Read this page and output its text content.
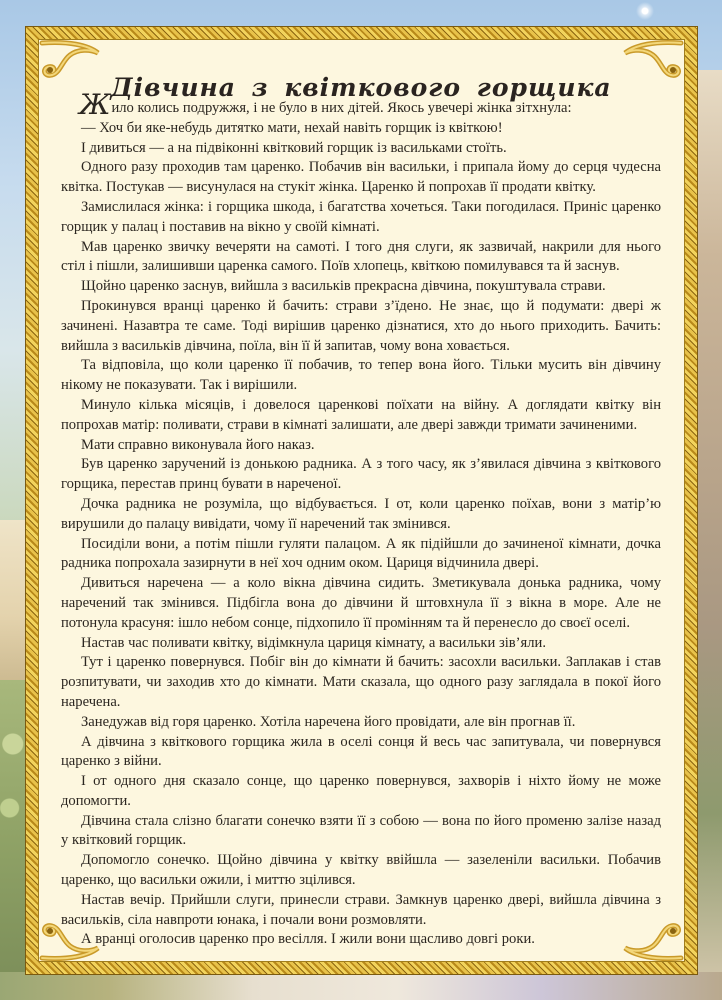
Дівчина з квіткового горщика

Жило колись подружжя, і не було в них дітей. Якось увечері жінка зітхнула:

— Хоч би яке-небудь дитятко мати, нехай навіть горщик із квіткою!

І дивиться — а на підвіконні квітковий горщик із васильками стоїть.

Одного разу проходив там царенко. Побачив він васильки, і припала йому до серця чудесна квітка. Постукав — висунулася на стукіт жінка. Царенко й попрохав її продати квітку.

Замислилася жінка: і горщика шкода, і багатства хочеться. Таки погодилася. Приніс царенко горщик у палац і поставив на вікно у своїй кімнаті.

Мав царенко звичку вечеряти на самоті. І того дня слуги, як зазвичай, накрили для нього стіл і пішли, залишивши царенка самого. Поїв хлопець, квіткою помилувався та й заснув.

Щойно царенко заснув, вийшла з васильків прекрасна дівчина, покуштувала страви.

Прокинувся вранці царенко й бачить: страви з’їдено. Не знає, що й подумати: двері ж зачинені. Назавтра те саме. Тоді вирішив царенко дізнатися, хто до нього приходить. Бачить: вийшла з васильків дівчина, поїла, він її й запитав, чому вона ховається.

Та відповіла, що коли царенко її побачив, то тепер вона його. Тільки мусить він дівчину нікому не показувати. Так і вирішили.

Минуло кілька місяців, і довелося царенкові поїхати на війну. А доглядати квітку він попрохав матір: поливати, страви в кімнаті залишати, але двері завжди тримати зачиненими.

Мати справно виконувала його наказ.

Був царенко заручений із донькою радника. А з того часу, як з’явилася дівчина з квіткового горщика, перестав принц бувати в нареченої.

Дочка радника не розуміла, що відбувається. І от, коли царенко поїхав, вони з матір’ю вирушили до палацу вивідати, чому її наречений так змінився.

Посиділи вони, а потім пішли гуляти палацом. А як підійшли до зачиненої кімнати, дочка радника попрохала зазирнути в неї хоч одним оком. Цариця відчинила двері.

Дивиться наречена — а коло вікна дівчина сидить. Зметикувала донька радника, чому наречений так змінився. Підбігла вона до дівчини й штовхнула її з вікна в море. Але не потонула красуня: ішло небом сонце, підхопило її промінням та й перенесло до своєї оселі.

Настав час поливати квітку, відімкнула цариця кімнату, а васильки зів’яли.

Тут і царенко повернувся. Побіг він до кімнати й бачить: засохли васильки. Заплакав і став розпитувати, чи заходив хто до кімнати. Мати сказала, що одного разу заглядала в покої його наречена.

Занедужав від горя царенко. Хотіла наречена його провідати, але він прогнав її.

А дівчина з квіткового горщика жила в оселі сонця й весь час запитувала, чи повернувся царенко з війни.

І от одного дня сказало сонце, що царенко повернувся, захворів і ніхто йому не може допомогти.

Дівчина стала слізно благати сонечко взяти її з собою — вона по його променю залізе назад у квітковий горщик.

Допомогло сонечко. Щойно дівчина у квітку ввійшла — зазеленіли васильки. Побачив царенко, що васильки ожили, і миттю зцілився.

Настав вечір. Прийшли слуги, принесли страви. Замкнув царенко двері, вийшла дівчина з васильків, сіла навпроти юнака, і почали вони розмовляти.

А вранці оголосив царенко про весілля. І жили вони щасливо довгі роки.
